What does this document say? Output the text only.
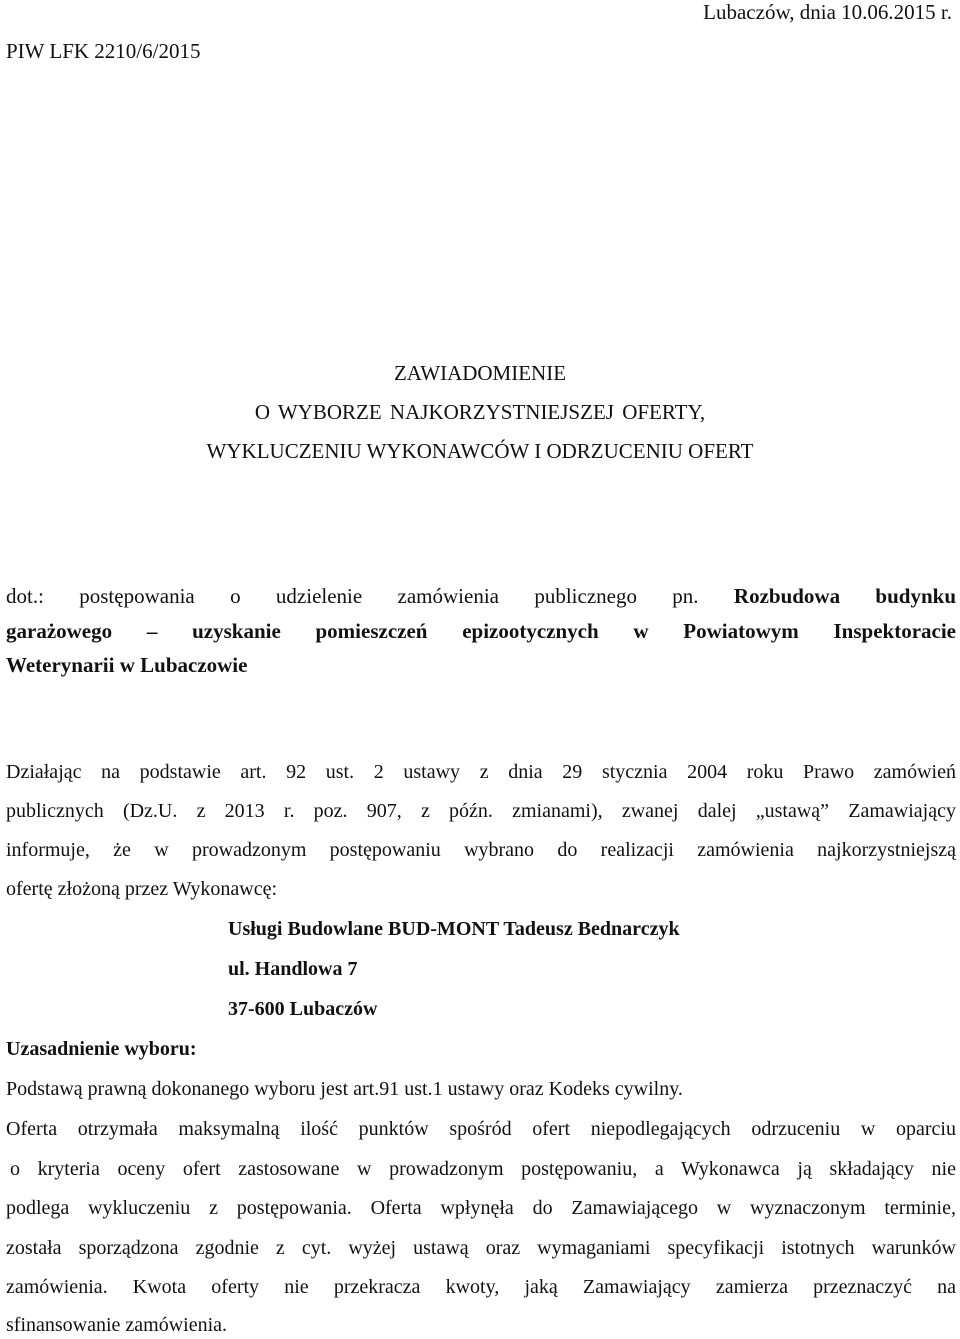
Lubaczów, dnia 10.06.2015 r.
PIW LFK 2210/6/2015
ZAWIADOMIENIE
O WYBORZE NAJKORZYSTNIEJSZEJ OFERTY,
WYKLUCZENIU WYKONAWCÓW I ODRZUCENIU OFERT
dot.: postępowania o udzielenie zamówienia publicznego pn. Rozbudowa budynku
garażowego – uzyskanie pomieszczeń epizootycznych w Powiatowym Inspektoracie
Weterynarii w Lubaczowie
Działając na podstawie art. 92 ust. 2 ustawy z dnia 29 stycznia 2004 roku Prawo zamówień
publicznych (Dz.U. z 2013 r. poz. 907, z późn. zmianami), zwanej dalej „ustawą” Zamawiający
informuje, że w prowadzonym postępowaniu wybrano do realizacji zamówienia najkorzystniejszą
ofertę złożoną przez Wykonawcę:
Usługi Budowlane BUD-MONT Tadeusz Bednarczyk
ul. Handlowa 7
37-600 Lubaczów
Uzasadnienie wyboru:
Podstawą prawną dokonanego wyboru jest art.91 ust.1 ustawy oraz Kodeks cywilny.
Oferta otrzymała maksymalną ilość punktów spośród ofert niepodlegających odrzuceniu w oparciu
o kryteria oceny ofert zastosowane w prowadzonym postępowaniu, a Wykonawca ją składający nie
podlega wykluczeniu z postępowania. Oferta wpłynęła do Zamawiającego w wyznaczonym terminie,
została sporządzona zgodnie z cyt. wyżej ustawą oraz wymaganiami specyfikacji istotnych warunków
zamówienia. Kwota oferty nie przekracza kwoty, jaką Zamawiający zamierza przeznaczyć na
sfinansowanie zamówienia.
